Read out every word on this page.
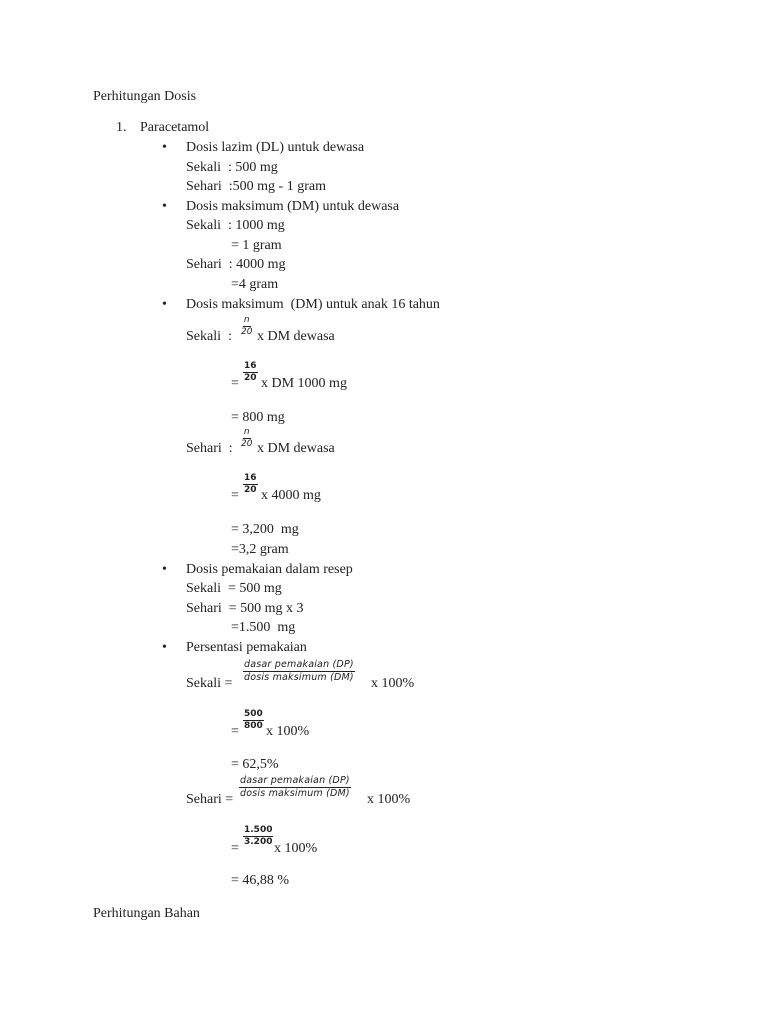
Perhitungan Dosis
1. Paracetamol
• Dosis lazim (DL) untuk dewasa
Sekali  : 500 mg
Sehari  :500 mg - 1 gram
• Dosis maksimum (DM) untuk dewasa
Sekali  : 1000 mg
= 1 gram
Sehari  : 4000 mg
=4 gram
• Dosis maksimum  (DM) untuk anak 16 tahun
Sekali  : $\frac{n}{20}$ x DM dewasa
=
$\frac{16}{20}$
x DM 1000 mg
= 800 mg
Sehari  : $\frac{n}{20}$ x DM dewasa
=
$\frac{16}{20}$
x 4000 mg
= 3,200  mg
=3,2 gram
• Dosis pemakaian dalam resep
Sekali  = 500 mg
Sehari  = 500 mg x 3
=1.500  mg
• Persentasi pemakaian
Sekali =
dasar pemakaian (DP)
dosis maksimum (DM) x 100%
=
$\frac{500}{800}$
x 100%
= 62,5%
Sehari =
dasar pemakaian (DP)
dosis maksimum (DM) x 100%
=
$\frac{1.500}{3.200}$
x 100%
= 46,88 %
Perhitungan Bahan
